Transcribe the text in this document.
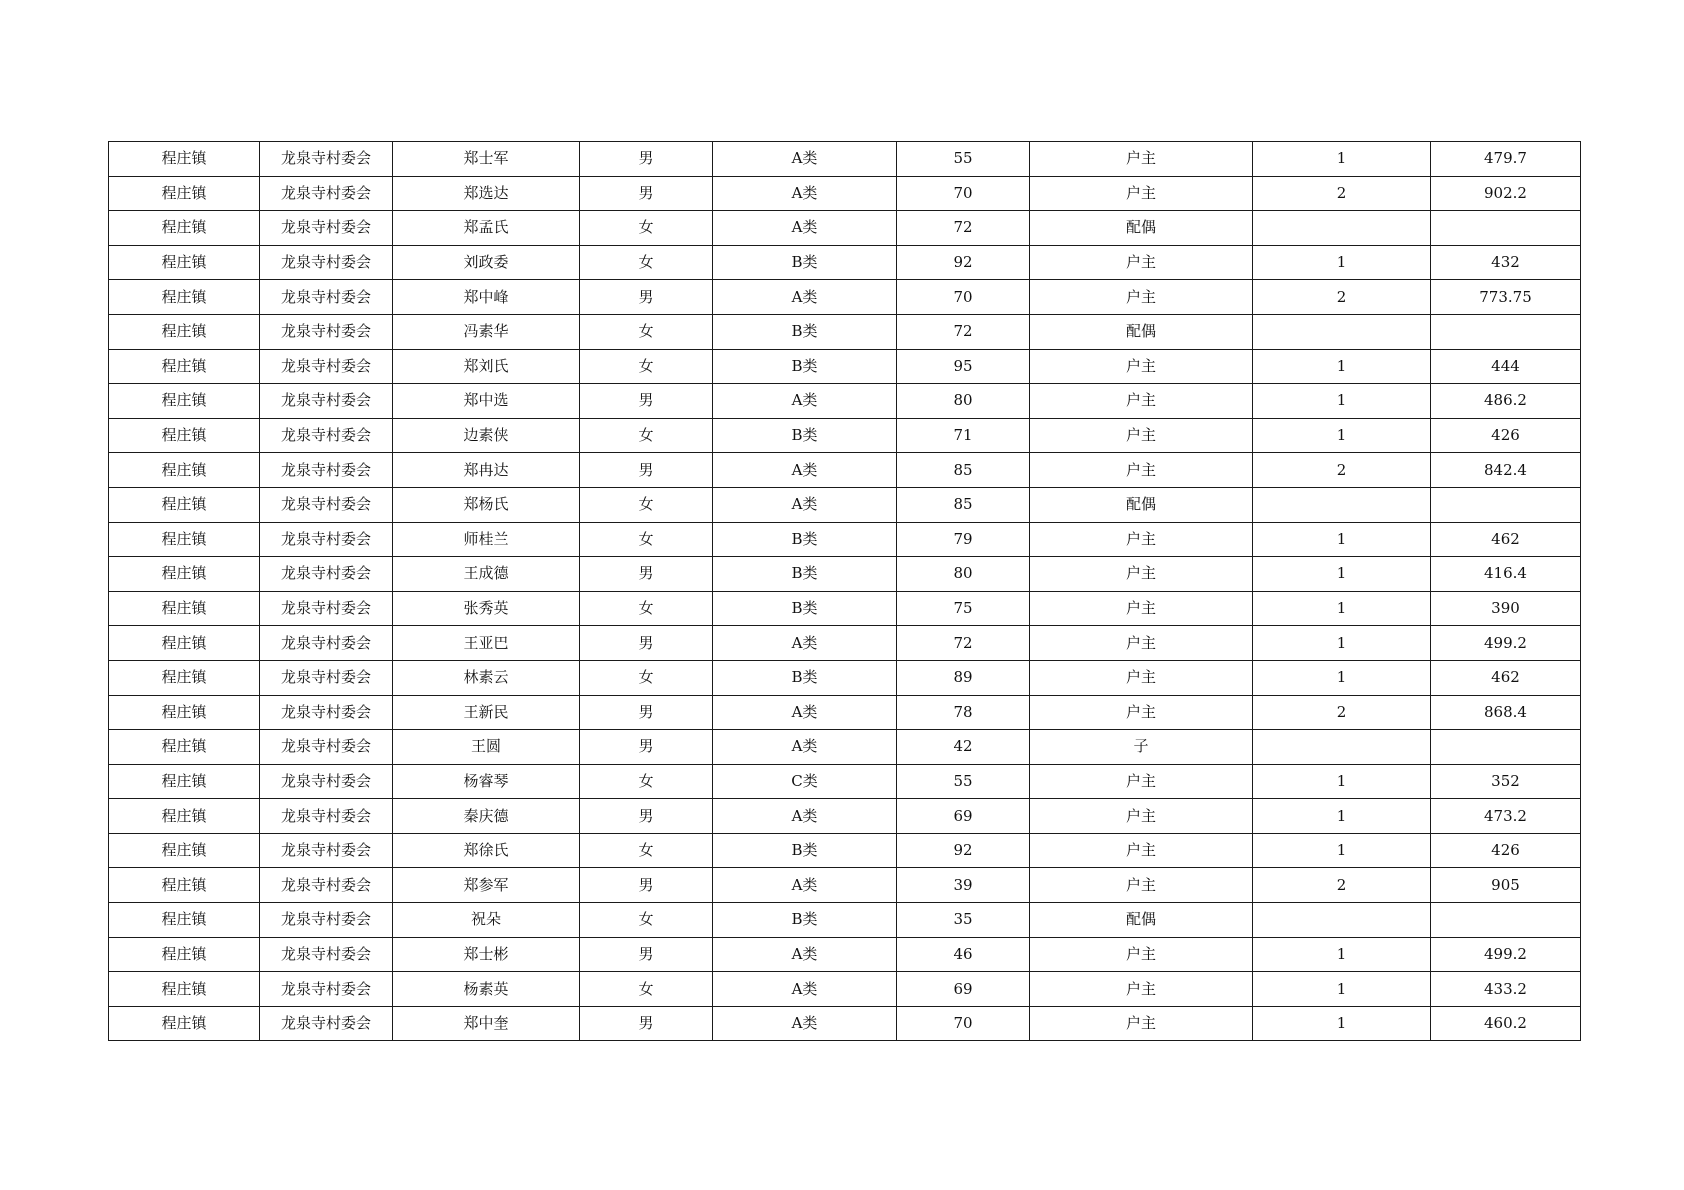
程庄镇	龙泉寺村委会	郑士军	男	A类	55	户主	1	479.7
程庄镇	龙泉寺村委会	郑选达	男	A类	70	户主	2	902.2
程庄镇	龙泉寺村委会	郑孟氏	女	A类	72	配偶		
程庄镇	龙泉寺村委会	刘政委	女	B类	92	户主	1	432
程庄镇	龙泉寺村委会	郑中峰	男	A类	70	户主	2	773.75
程庄镇	龙泉寺村委会	冯素华	女	B类	72	配偶		
程庄镇	龙泉寺村委会	郑刘氏	女	B类	95	户主	1	444
程庄镇	龙泉寺村委会	郑中选	男	A类	80	户主	1	486.2
程庄镇	龙泉寺村委会	边素侠	女	B类	71	户主	1	426
程庄镇	龙泉寺村委会	郑冉达	男	A类	85	户主	2	842.4
程庄镇	龙泉寺村委会	郑杨氏	女	A类	85	配偶		
程庄镇	龙泉寺村委会	师桂兰	女	B类	79	户主	1	462
程庄镇	龙泉寺村委会	王成德	男	B类	80	户主	1	416.4
程庄镇	龙泉寺村委会	张秀英	女	B类	75	户主	1	390
程庄镇	龙泉寺村委会	王亚巴	男	A类	72	户主	1	499.2
程庄镇	龙泉寺村委会	林素云	女	B类	89	户主	1	462
程庄镇	龙泉寺村委会	王新民	男	A类	78	户主	2	868.4
程庄镇	龙泉寺村委会	王圆	男	A类	42	子		
程庄镇	龙泉寺村委会	杨睿琴	女	C类	55	户主	1	352
程庄镇	龙泉寺村委会	秦庆德	男	A类	69	户主	1	473.2
程庄镇	龙泉寺村委会	郑徐氏	女	B类	92	户主	1	426
程庄镇	龙泉寺村委会	郑参军	男	A类	39	户主	2	905
程庄镇	龙泉寺村委会	祝朵	女	B类	35	配偶		
程庄镇	龙泉寺村委会	郑士彬	男	A类	46	户主	1	499.2
程庄镇	龙泉寺村委会	杨素英	女	A类	69	户主	1	433.2
程庄镇	龙泉寺村委会	郑中奎	男	A类	70	户主	1	460.2
